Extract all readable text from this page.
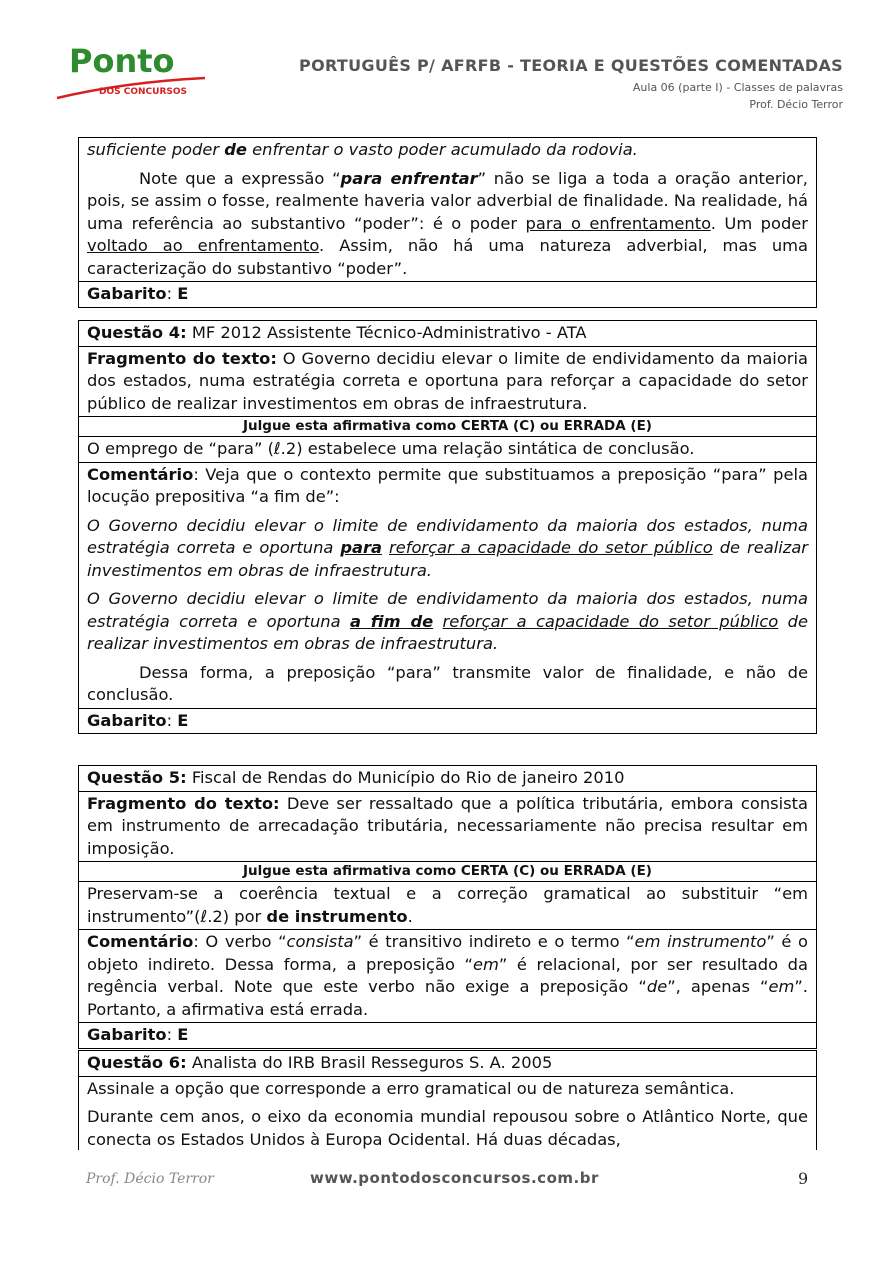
Ponto
DOS CONCURSOS
PORTUGUÊS P/ AFRFB - TEORIA E QUESTÕES COMENTADAS
Aula 06 (parte I) - Classes de palavras
Prof. Décio Terror

suficiente poder de enfrentar o vasto poder acumulado da rodovia.

Note que a expressão “para enfrentar” não se liga a toda a oração anterior, pois, se assim o fosse, realmente haveria valor adverbial de finalidade. Na realidade, há uma referência ao substantivo “poder”: é o poder para o enfrentamento. Um poder voltado ao enfrentamento. Assim, não há uma natureza adverbial, mas uma caracterização do substantivo “poder”.

Gabarito: E
Questão 4: MF 2012 Assistente Técnico-Administrativo - ATA
Fragmento do texto: O Governo decidiu elevar o limite de endividamento da maioria dos estados, numa estratégia correta e oportuna para reforçar a capacidade do setor público de realizar investimentos em obras de infraestrutura.
Julgue esta afirmativa como CERTA (C) ou ERRADA (E)
O emprego de “para” (ℓ.2) estabelece uma relação sintática de conclusão.

Comentário: Veja que o contexto permite que substituamos a preposição “para” pela locução prepositiva “a fim de”:

O Governo decidiu elevar o limite de endividamento da maioria dos estados, numa estratégia correta e oportuna para reforçar a capacidade do setor público de realizar investimentos em obras de infraestrutura.

O Governo decidiu elevar o limite de endividamento da maioria dos estados, numa estratégia correta e oportuna a fim de reforçar a capacidade do setor público de realizar investimentos em obras de infraestrutura.

Dessa forma, a preposição “para” transmite valor de finalidade, e não de conclusão.

Gabarito: E
Questão 5: Fiscal de Rendas do Município do Rio de janeiro 2010
Fragmento do texto: Deve ser ressaltado que a política tributária, embora consista em instrumento de arrecadação tributária, necessariamente não precisa resultar em imposição.
Julgue esta afirmativa como CERTA (C) ou ERRADA (E)
Preservam-se a coerência textual e a correção gramatical ao substituir “em instrumento”(ℓ.2) por de instrumento.
Comentário: O verbo “consista” é transitivo indireto e o termo “em instrumento” é o objeto indireto. Dessa forma, a preposição “em” é relacional, por ser resultado da regência verbal. Note que este verbo não exige a preposição “de”, apenas “em”. Portanto, a afirmativa está errada.
Gabarito: E
Questão 6: Analista do IRB Brasil Resseguros S. A. 2005

Assinale a opção que corresponde a erro gramatical ou de natureza semântica.

Durante cem anos, o eixo da economia mundial repousou sobre o Atlântico Norte, que conecta os Estados Unidos à Europa Ocidental. Há duas décadas,

Prof. Décio Terror	www.pontodosconcursos.com.br	9
